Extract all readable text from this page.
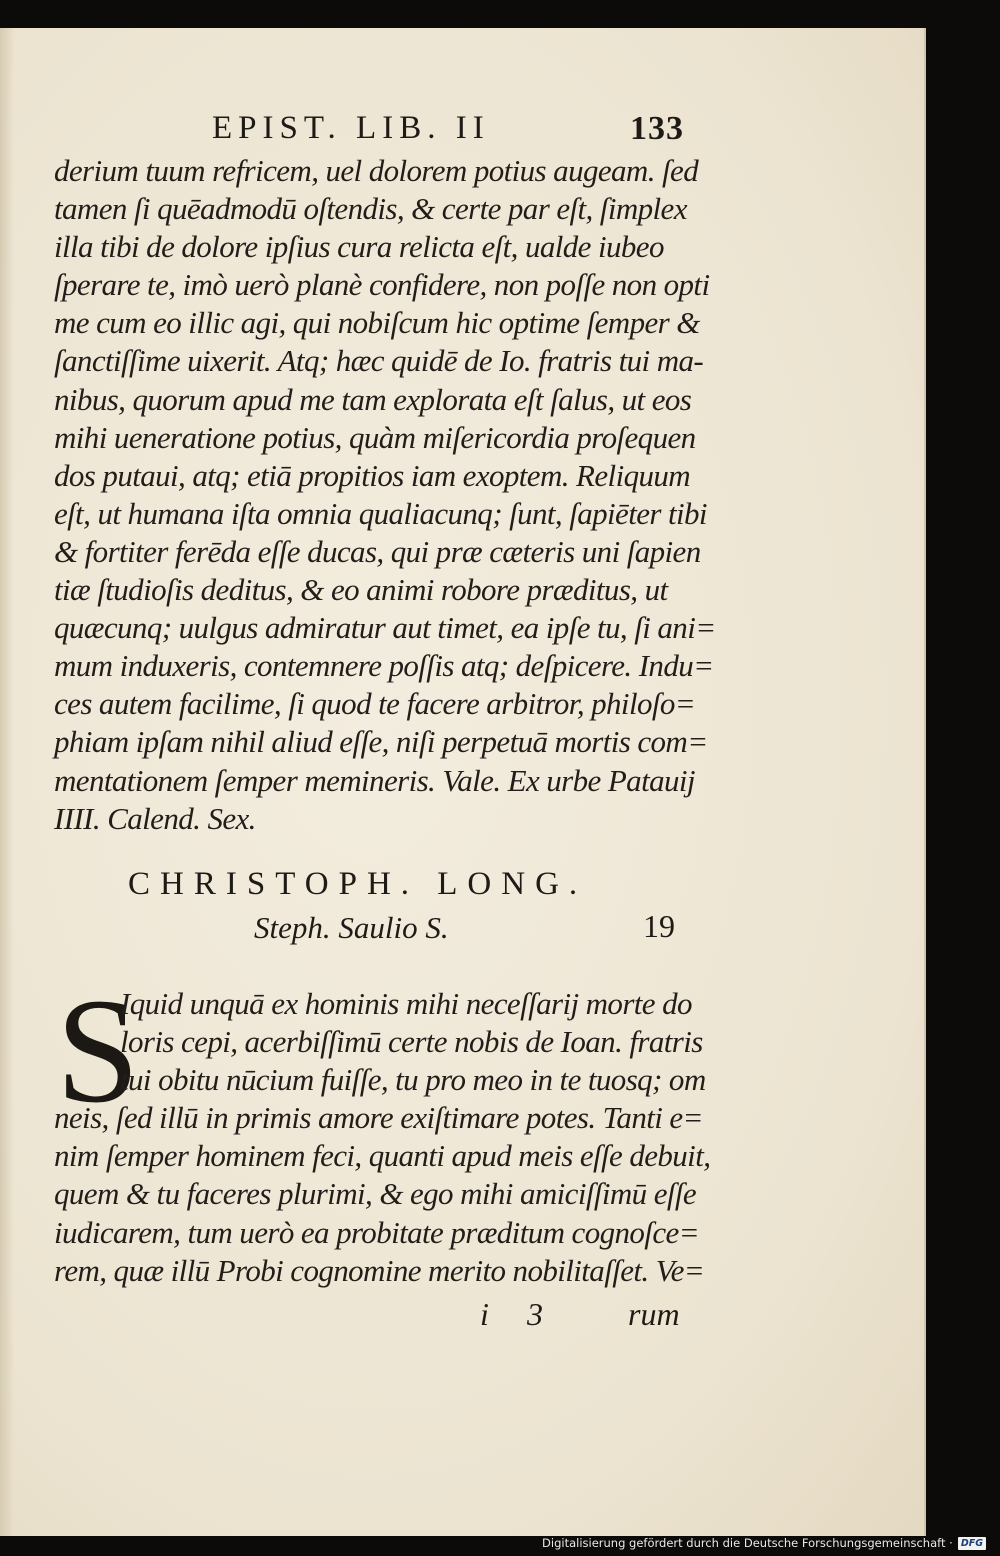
EPIST. LIB. II	133
derium tuum refricem, uel dolorem potius augeam. ſed
tamen ſi quēadmodū oſtendis, & certe par eſt, ſimplex
illa tibi de dolore ipſius cura relicta eſt, ualde iubeo
ſperare te, imò uerò planè confidere, non poſſe non opti
me cum eo illic agi, qui nobiſcum hic optime ſemper &
ſanctiſſime uixerit. Atq; hæc quidē de Io. fratris tui ma-
nibus, quorum apud me tam explorata eſt ſalus, ut eos
mihi ueneratione potius, quàm miſericordia proſequen
dos putaui, atq; etiā propitios iam exoptem. Reliquum
eſt, ut humana iſta omnia qualiacunq; ſunt, ſapiēter tibi
& fortiter ferēda eſſe ducas, qui præ cæteris uni ſapien
tiæ ſtudioſis deditus, & eo animi robore præditus, ut
quæcunq; uulgus admiratur aut timet, ea ipſe tu, ſi ani=
mum induxeris, contemnere poſſis atq; deſpicere. Indu=
ces autem facilime, ſi quod te facere arbitror, philoſo=
phiam ipſam nihil aliud eſſe, niſi perpetuā mortis com=
mentationem ſemper memineris. Vale. Ex urbe Patauij
IIII. Calend. Sex.
CHRISTOPH. LONG.
Steph. Saulio S.	19
S
Iquid unquā ex hominis mihi neceſſarij morte do
loris cepi, acerbiſſimū certe nobis de Ioan. fratris
tui obitu nūcium fuiſſe, tu pro meo in te tuosq; om
neis, ſed illū in primis amore exiſtimare potes. Tanti e=
nim ſemper hominem feci, quanti apud meis eſſe debuit,
quem & tu faceres plurimi, & ego mihi amiciſſimū eſſe
iudicarem, tum uerò ea probitate præditum cognoſce=
rem, quæ illū Probi cognomine merito nobilitaſſet. Ve=
i 3	rum
Digitalisierung gefördert durch die Deutsche Forschungsgemeinschaft · DFG
